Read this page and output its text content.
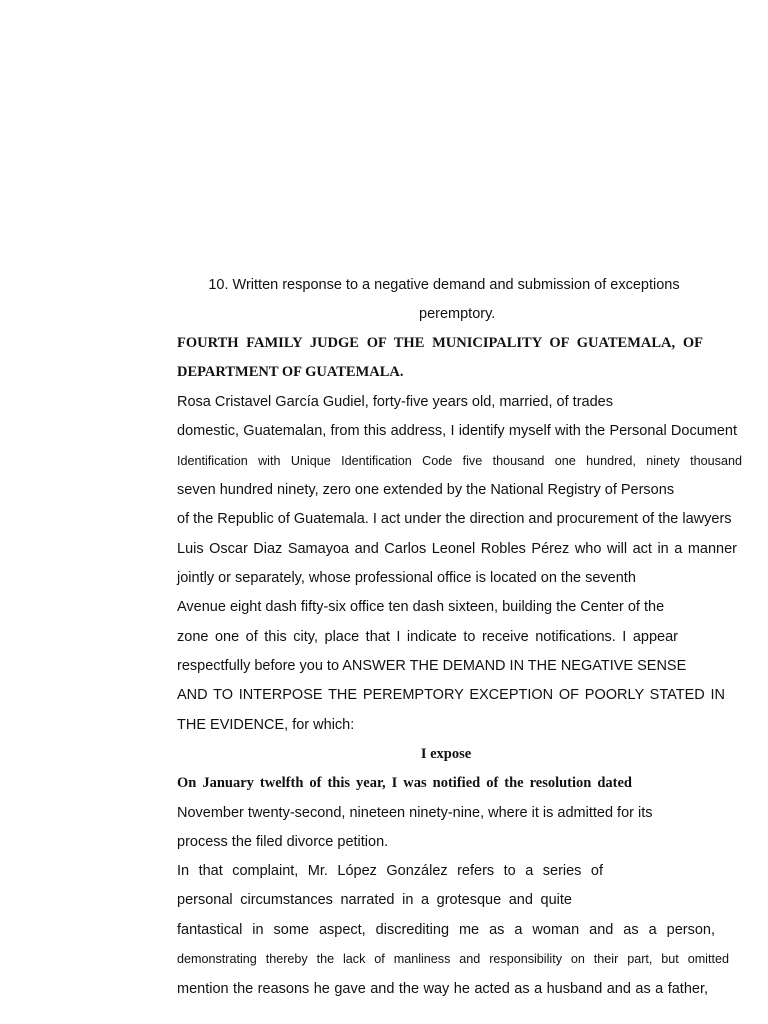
10. Written response to a negative demand and submission of exceptions
peremptory.
FOURTH FAMILY JUDGE OF THE MUNICIPALITY OF GUATEMALA, OF
DEPARTMENT OF GUATEMALA.
Rosa Cristavel García Gudiel, forty-five years old, married, of trades
domestic, Guatemalan, from this address, I identify myself with the Personal Document
Identification with Unique Identification Code five thousand one hundred, ninety thousand
seven hundred ninety, zero one extended by the National Registry of Persons
of the Republic of Guatemala. I act under the direction and procurement of the lawyers
Luis Oscar Diaz Samayoa and Carlos Leonel Robles Pérez who will act in a manner
jointly or separately, whose professional office is located on the seventh
Avenue eight dash fifty-six office ten dash sixteen, building the Center of the
zone one of this city, place that I indicate to receive notifications. I appear
respectfully before you to ANSWER THE DEMAND IN THE NEGATIVE SENSE
AND TO INTERPOSE THE PEREMPTORY EXCEPTION OF POORLY STATED IN
THE EVIDENCE, for which:
I expose
On January twelfth of this year, I was notified of the resolution dated
November twenty-second, nineteen ninety-nine, where it is admitted for its
process the filed divorce petition.
In that complaint, Mr. López González refers to a series of
personal circumstances narrated in a grotesque and quite
fantastical in some aspect, discrediting me as a woman and as a person,
demonstrating thereby the lack of manliness and responsibility on their part, but omitted
mention the reasons he gave and the way he acted as a husband and as a father,
